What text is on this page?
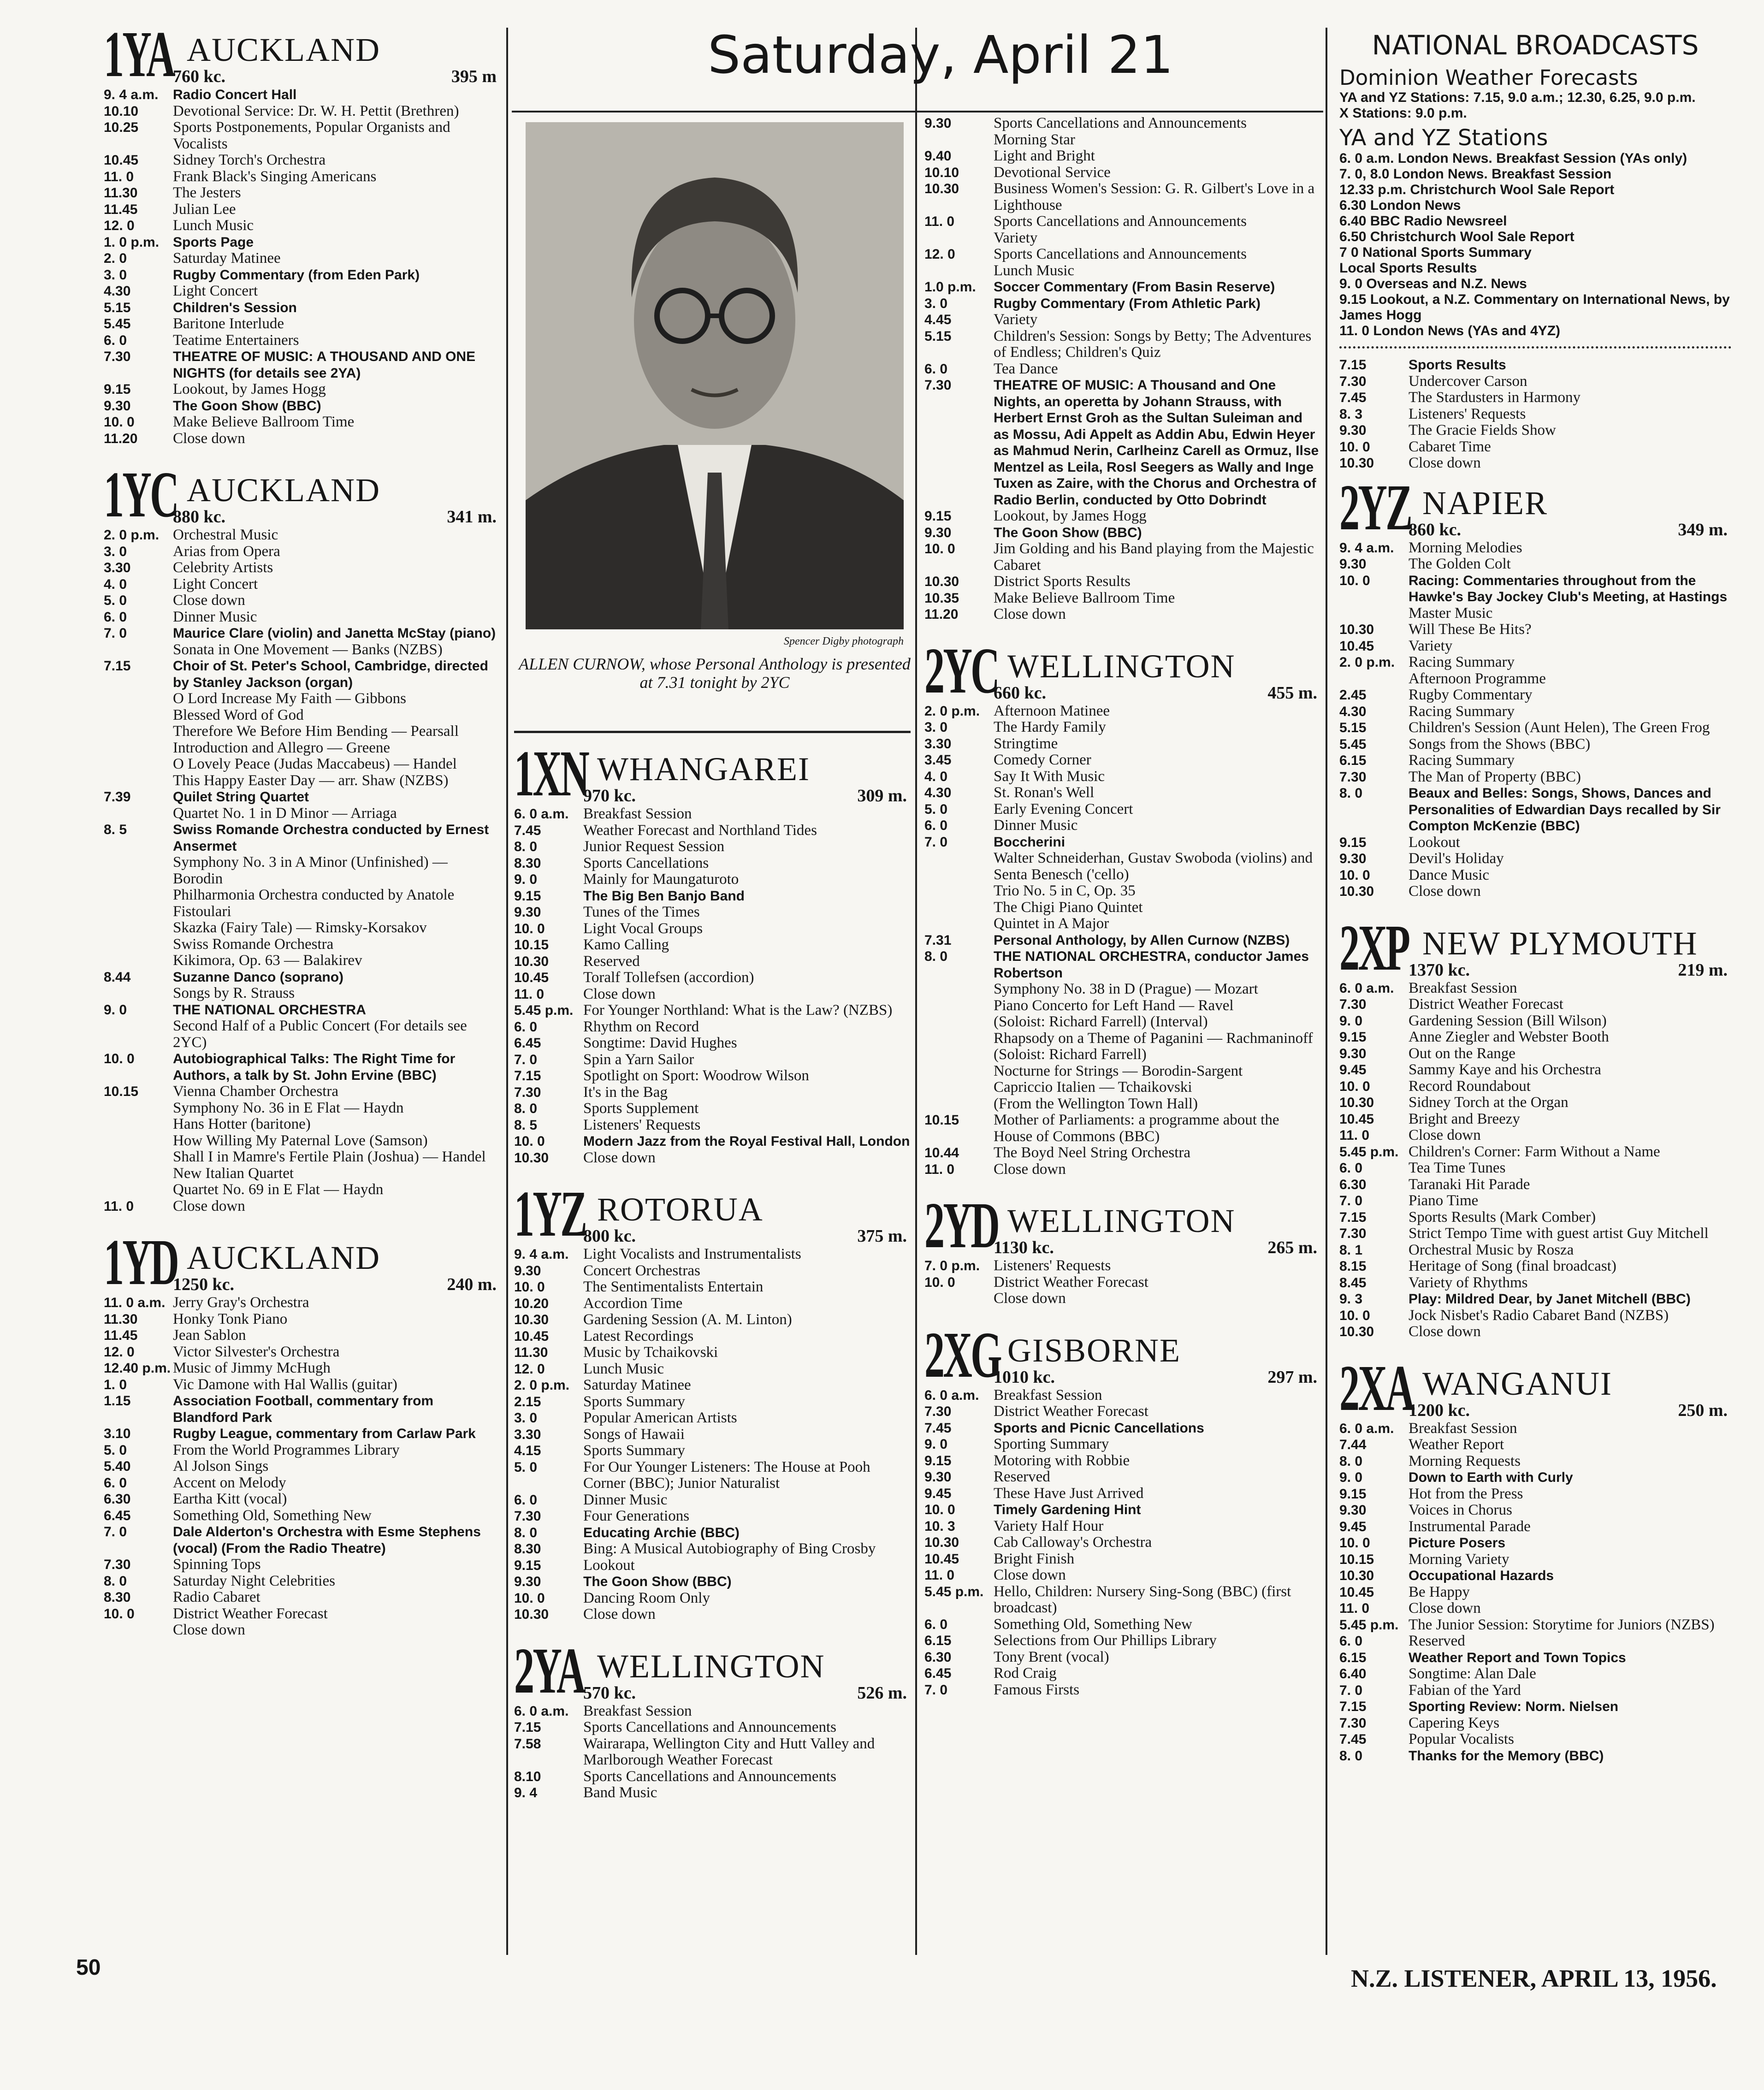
Saturday, April 21
1YA AUCKLAND
760 kc.	395 m
9. 4 a.m.	Radio Concert Hall
10.10	Devotional Service: Dr. W. H. Pettit (Brethren)
10.25	Sports Postponements, Popular Organists and Vocalists
10.45	Sidney Torch's Orchestra
11. 0	Frank Black's Singing Americans
11.30	The Jesters
11.45	Julian Lee
12. 0	Lunch Music
1. 0 p.m. Sports Page
2. 0	Saturday Matinee
3. 0	Rugby Commentary (from Eden Park)
4.30	Light Concert
5.15	Children's Session
5.45	Baritone Interlude
6. 0	Teatime Entertainers
7.30	THEATRE OF MUSIC: A THOUSAND AND ONE NIGHTS (for details see 2YA)
9.15	Lookout, by James Hogg
9.30	The Goon Show (BBC)
10. 0	Make Believe Ballroom Time
11.20	Close down
1YC AUCKLAND
880 kc.	341 m.
2. 0 p.m. Orchestral Music
3. 0	Arias from Opera
3.30	Celebrity Artists
4. 0	Light Concert
5. 0	Close down
6. 0	Dinner Music
7. 0	Maurice Clare (violin) and Janetta McStay (piano)
Sonata in One Movement — Banks (NZBS)
7.15	Choir of St. Peter's School, Cambridge, directed by Stanley Jackson (organ)
O Lord Increase My Faith — Gibbons
Blessed Word of God
Therefore We Before Him Bending — Pearsall
Introduction and Allegro — Greene
O Lovely Peace (Judas Maccabeus) — Handel
This Happy Easter Day — arr. Shaw (NZBS)
7.39	Quilet String Quartet
Quartet No. 1 in D Minor — Arriaga
8. 5	Swiss Romande Orchestra conducted by Ernest Ansermet
Symphony No. 3 in A Minor (Unfinished) — Borodin
Philharmonia Orchestra conducted by Anatole Fistoulari
Skazka (Fairy Tale) — Rimsky-Korsakov
Swiss Romande Orchestra
Kikimora, Op. 63 — Balakirev
8.44	Suzanne Danco (soprano)
Songs by R. Strauss
9. 0	THE NATIONAL ORCHESTRA
Second Half of a Public Concert (For details see 2YC)
10. 0	Autobiographical Talks: The Right Time for Authors, a talk by St. John Ervine (BBC)
10.15	Vienna Chamber Orchestra
Symphony No. 36 in E Flat — Haydn
Hans Hotter (baritone)
How Willing My Paternal Love (Samson)
Shall I in Mamre's Fertile Plain (Joshua) — Handel
New Italian Quartet
Quartet No. 69 in E Flat — Haydn
11. 0	Close down
1YD AUCKLAND
1250 kc.	240 m.
11. 0 a.m. Jerry Gray's Orchestra
11.30	Honky Tonk Piano
11.45	Jean Sablon
12. 0	Victor Silvester's Orchestra
12.40 p.m. Music of Jimmy McHugh
1. 0	Vic Damone with Hal Wallis (guitar)
1.15	Association Football, commentary from Blandford Park
3.10	Rugby League, commentary from Carlaw Park
5. 0	From the World Programmes Library
5.40	Al Jolson Sings
6. 0	Accent on Melody
6.30	Eartha Kitt (vocal)
6.45	Something Old, Something New
7. 0	Dale Alderton's Orchestra with Esme Stephens (vocal) (From the Radio Theatre)
7.30	Spinning Tops
8. 0	Saturday Night Celebrities
8.30	Radio Cabaret
10. 0	District Weather Forecast
Close down
Spencer Digby photograph
ALLEN CURNOW, whose Personal Anthology is presented at 7.31 tonight by 2YC
1XN WHANGAREI
970 kc.	309 m.
6. 0 a.m. Breakfast Session
7.45	Weather Forecast and Northland Tides
8. 0	Junior Request Session
8.30	Sports Cancellations
9. 0	Mainly for Maungaturoto
9.15	The Big Ben Banjo Band
9.30	Tunes of the Times
10. 0	Light Vocal Groups
10.15	Kamo Calling
10.30	Reserved
10.45	Toralf Tollefsen (accordion)
11. 0	Close down
5.45 p.m. For Younger Northland: What is the Law? (NZBS)
6. 0	Rhythm on Record
6.45	Songtime: David Hughes
7. 0	Spin a Yarn Sailor
7.15	Spotlight on Sport: Woodrow Wilson
7.30	It's in the Bag
8. 0	Sports Supplement
8. 5	Listeners' Requests
10. 0	Modern Jazz from the Royal Festival Hall, London
10.30	Close down
1YZ ROTORUA
800 kc.	375 m.
9. 4 a.m. Light Vocalists and Instrumentalists
9.30	Concert Orchestras
10. 0	The Sentimentalists Entertain
10.20	Accordion Time
10.30	Gardening Session (A. M. Linton)
10.45	Latest Recordings
11.30	Music by Tchaikovski
12. 0	Lunch Music
2. 0 p.m. Saturday Matinee
2.15	Sports Summary
3. 0	Popular American Artists
3.30	Songs of Hawaii
4.15	Sports Summary
5. 0	For Our Younger Listeners: The House at Pooh Corner (BBC); Junior Naturalist
6. 0	Dinner Music
7.30	Four Generations
8. 0	Educating Archie (BBC)
8.30	Bing: A Musical Autobiography of Bing Crosby
9.15	Lookout
9.30	The Goon Show (BBC)
10. 0	Dancing Room Only
10.30	Close down
2YA WELLINGTON
570 kc.	526 m.
6. 0 a.m. Breakfast Session
7.15	Sports Cancellations and Announcements
7.58	Wairarapa, Wellington City and Hutt Valley and Marlborough Weather Forecast
8.10	Sports Cancellations and Announcements
9. 4	Band Music
9.30	Sports Cancellations and Announcements
Morning Star
9.40	Light and Bright
10.10	Devotional Service
10.30	Business Women's Session: G. R. Gilbert's Love in a Lighthouse
11. 0	Sports Cancellations and Announcements
Variety
12. 0	Sports Cancellations and Announcements
Lunch Music
1.0 p.m.	Soccer Commentary (From Basin Reserve)
3. 0	Rugby Commentary (From Athletic Park)
4.45	Variety
5.15	Children's Session: Songs by Betty; The Adventures of Endless; Children's Quiz
6. 0	Tea Dance
7.30	THEATRE OF MUSIC: A Thousand and One Nights, an operetta by Johann Strauss, with Herbert Ernst Groh as the Sultan Suleiman and as Mossu, Adi Appelt as Addin Abu, Edwin Heyer as Mahmud Nerin, Carlheinz Carell as Ormuz, Ilse Mentzel as Leila, Rosl Seegers as Wally and Inge Tuxen as Zaire, with the Chorus and Orchestra of Radio Berlin, conducted by Otto Dobrindt
9.15	Lookout, by James Hogg
9.30	The Goon Show (BBC)
10. 0	Jim Golding and his Band playing from the Majestic Cabaret
10.30	District Sports Results
10.35	Make Believe Ballroom Time
11.20	Close down
2YC WELLINGTON
660 kc.	455 m.
2. 0 p.m. Afternoon Matinee
3. 0	The Hardy Family
3.30	Stringtime
3.45	Comedy Corner
4. 0	Say It With Music
4.30	St. Ronan's Well
5. 0	Early Evening Concert
6. 0	Dinner Music
7. 0	Boccherini
Walter Schneiderhan, Gustav Swoboda (violins) and Senta Benesch ('cello)
Trio No. 5 in C, Op. 35
The Chigi Piano Quintet
Quintet in A Major
7.31	Personal Anthology, by Allen Curnow (NZBS)
8. 0	THE NATIONAL ORCHESTRA, conductor James Robertson
Symphony No. 38 in D (Prague) — Mozart
Piano Concerto for Left Hand — Ravel
(Soloist: Richard Farrell) (Interval)
Rhapsody on a Theme of Paganini — Rachmaninoff
(Soloist: Richard Farrell)
Nocturne for Strings — Borodin-Sargent
Capriccio Italien — Tchaikovski
(From the Wellington Town Hall)
10.15	Mother of Parliaments: a programme about the House of Commons (BBC)
10.44	The Boyd Neel String Orchestra
11. 0	Close down
2YD WELLINGTON
1130 kc.	265 m.
7. 0 p.m. Listeners' Requests
10. 0	District Weather Forecast
Close down
2XG GISBORNE
1010 kc.	297 m.
6. 0 a.m. Breakfast Session
7.30	District Weather Forecast
7.45	Sports and Picnic Cancellations
9. 0	Sporting Summary
9.15	Motoring with Robbie
9.30	Reserved
9.45	These Have Just Arrived
10. 0	Timely Gardening Hint
10. 3	Variety Half Hour
10.30	Cab Calloway's Orchestra
10.45	Bright Finish
11. 0	Close down
5.45 p.m. Hello, Children: Nursery Sing-Song (BBC) (first broadcast)
6. 0	Something Old, Something New
6.15	Selections from Our Phillips Library
6.30	Tony Brent (vocal)
6.45	Rod Craig
7. 0	Famous Firsts
NATIONAL BROADCASTS
Dominion Weather Forecasts
YA and YZ Stations: 7.15, 9.0 a.m.; 12.30, 6.25, 9.0 p.m.
X Stations: 9.0 p.m.
YA and YZ Stations
6. 0 a.m. London News. Breakfast Session (YAs only)
7. 0, 8.0 London News. Breakfast Session
12.33 p.m. Christchurch Wool Sale Report
6.30 London News
6.40 BBC Radio Newsreel
6.50 Christchurch Wool Sale Report
7 0 National Sports Summary
Local Sports Results
9. 0 Overseas and N.Z. News
9.15 Lookout, a N.Z. Commentary on International News, by James Hogg
11. 0 London News (YAs and 4YZ)
7.15	Sports Results
7.30	Undercover Carson
7.45	The Stardusters in Harmony
8. 3	Listeners' Requests
9.30	The Gracie Fields Show
10. 0	Cabaret Time
10.30	Close down
2YZ NAPIER
860 kc.	349 m.
9. 4 a.m. Morning Melodies
9.30	The Golden Colt
10. 0	Racing: Commentaries throughout from the Hawke's Bay Jockey Club's Meeting, at Hastings
Master Music
10.30	Will These Be Hits?
10.45	Variety
2. 0 p.m. Racing Summary
Afternoon Programme
2.45	Rugby Commentary
4.30	Racing Summary
5.15	Children's Session (Aunt Helen), The Green Frog
5.45	Songs from the Shows (BBC)
6.15	Racing Summary
7.30	The Man of Property (BBC)
8. 0	Beaux and Belles: Songs, Shows, Dances and Personalities of Edwardian Days recalled by Sir Compton McKenzie (BBC)
9.15	Lookout
9.30	Devil's Holiday
10. 0	Dance Music
10.30	Close down
2XP NEW PLYMOUTH
1370 kc.	219 m.
6. 0 a.m. Breakfast Session
7.30	District Weather Forecast
9. 0	Gardening Session (Bill Wilson)
9.15	Anne Ziegler and Webster Booth
9.30	Out on the Range
9.45	Sammy Kaye and his Orchestra
10. 0	Record Roundabout
10.30	Sidney Torch at the Organ
10.45	Bright and Breezy
11. 0	Close down
5.45 p.m. Children's Corner: Farm Without a Name
6. 0	Tea Time Tunes
6.30	Taranaki Hit Parade
7. 0	Piano Time
7.15	Sports Results (Mark Comber)
7.30	Strict Tempo Time with guest artist Guy Mitchell
8. 1	Orchestral Music by Rosza
8.15	Heritage of Song (final broadcast)
8.45	Variety of Rhythms
9. 3	Play: Mildred Dear, by Janet Mitchell (BBC)
10. 0	Jock Nisbet's Radio Cabaret Band (NZBS)
10.30	Close down
2XA WANGANUI
1200 kc.	250 m.
6. 0 a.m. Breakfast Session
7.44	Weather Report
8. 0	Morning Requests
9. 0	Down to Earth with Curly
9.15	Hot from the Press
9.30	Voices in Chorus
9.45	Instrumental Parade
10. 0	Picture Posers
10.15	Morning Variety
10.30	Occupational Hazards
10.45	Be Happy
11. 0	Close down
5.45 p.m. The Junior Session: Storytime for Juniors (NZBS)
6. 0	Reserved
6.15	Weather Report and Town Topics
6.40	Songtime: Alan Dale
7. 0	Fabian of the Yard
7.15	Sporting Review: Norm. Nielsen
7.30	Capering Keys
7.45	Popular Vocalists
8. 0	Thanks for the Memory (BBC)
50	N.Z. LISTENER, APRIL 13, 1956.
